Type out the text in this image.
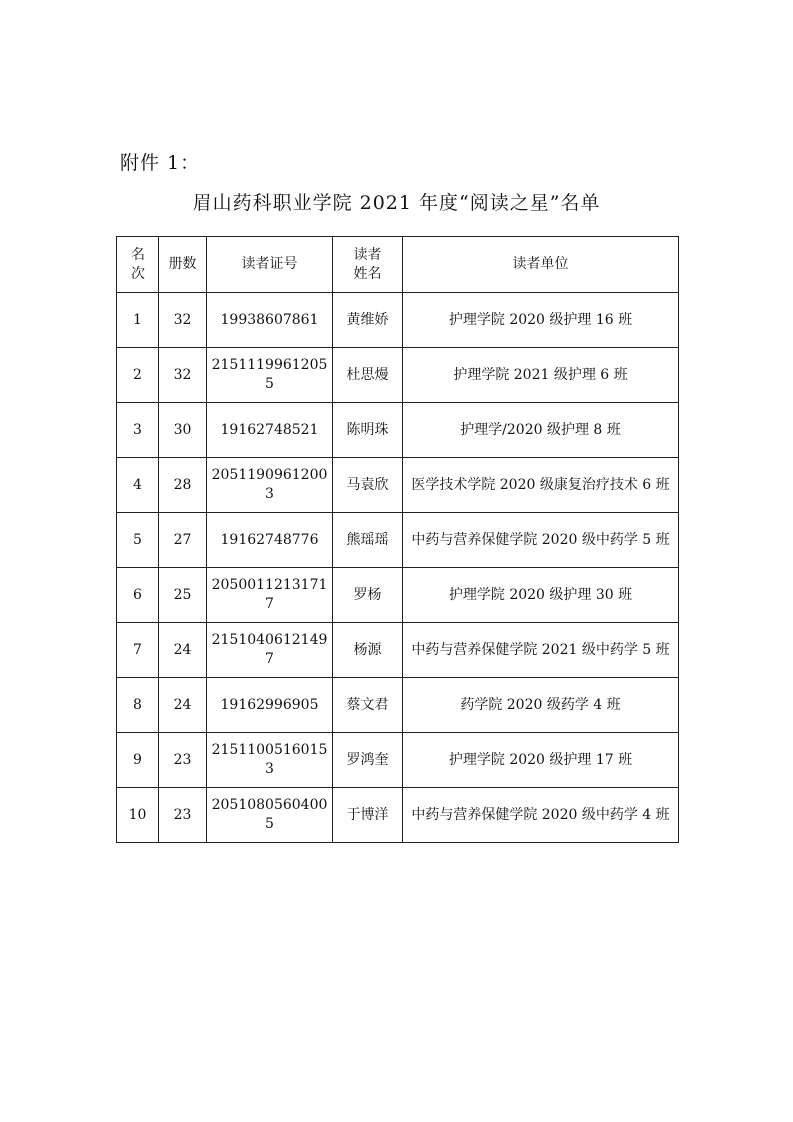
附件 1：
眉山药科职业学院 2021 年度“阅读之星”名单
名次	册数	读者证号	读者姓名	读者单位
1	32	19938607861	黄维娇	护理学院 2020 级护理 16 班
2	32	21511199612055	杜思熳	护理学院 2021 级护理 6 班
3	30	19162748521	陈明珠	护理学/2020 级护理 8 班
4	28	20511909612003	马袁欣	医学技术学院 2020 级康复治疗技术 6 班
5	27	19162748776	熊瑶瑶	中药与营养保健学院 2020 级中药学 5 班
6	25	20500112131717	罗杨	护理学院 2020 级护理 30 班
7	24	21510406121497	杨源	中药与营养保健学院 2021 级中药学 5 班
8	24	19162996905	蔡文君	药学院 2020 级药学 4 班
9	23	21511005160153	罗鸿奎	护理学院 2020 级护理 17 班
10	23	20510805604005	于博洋	中药与营养保健学院 2020 级中药学 4 班
